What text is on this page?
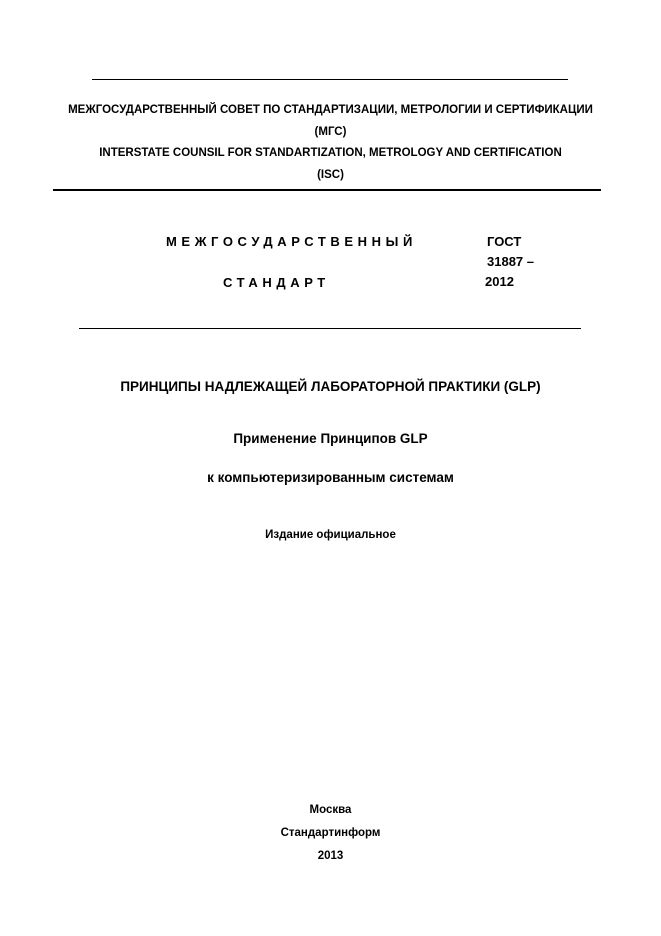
МЕЖГОСУДАРСТВЕННЫЙ СОВЕТ ПО СТАНДАРТИЗАЦИИ, МЕТРОЛОГИИ И СЕРТИФИКАЦИИ
(МГС)
INTERSTATE COUNSIL FOR STANDARTIZATION, METROLOGY AND CERTIFICATION
(ISC)
МЕЖГОСУДАРСТВЕННЫЙ
СТАНДАРТ
ГОСТ
31887 –
2012
ПРИНЦИПЫ НАДЛЕЖАЩЕЙ ЛАБОРАТОРНОЙ ПРАКТИКИ (GLP)
Применение Принципов GLP
к компьютеризированным системам
Издание официальное
Москва
Стандартинформ
2013
